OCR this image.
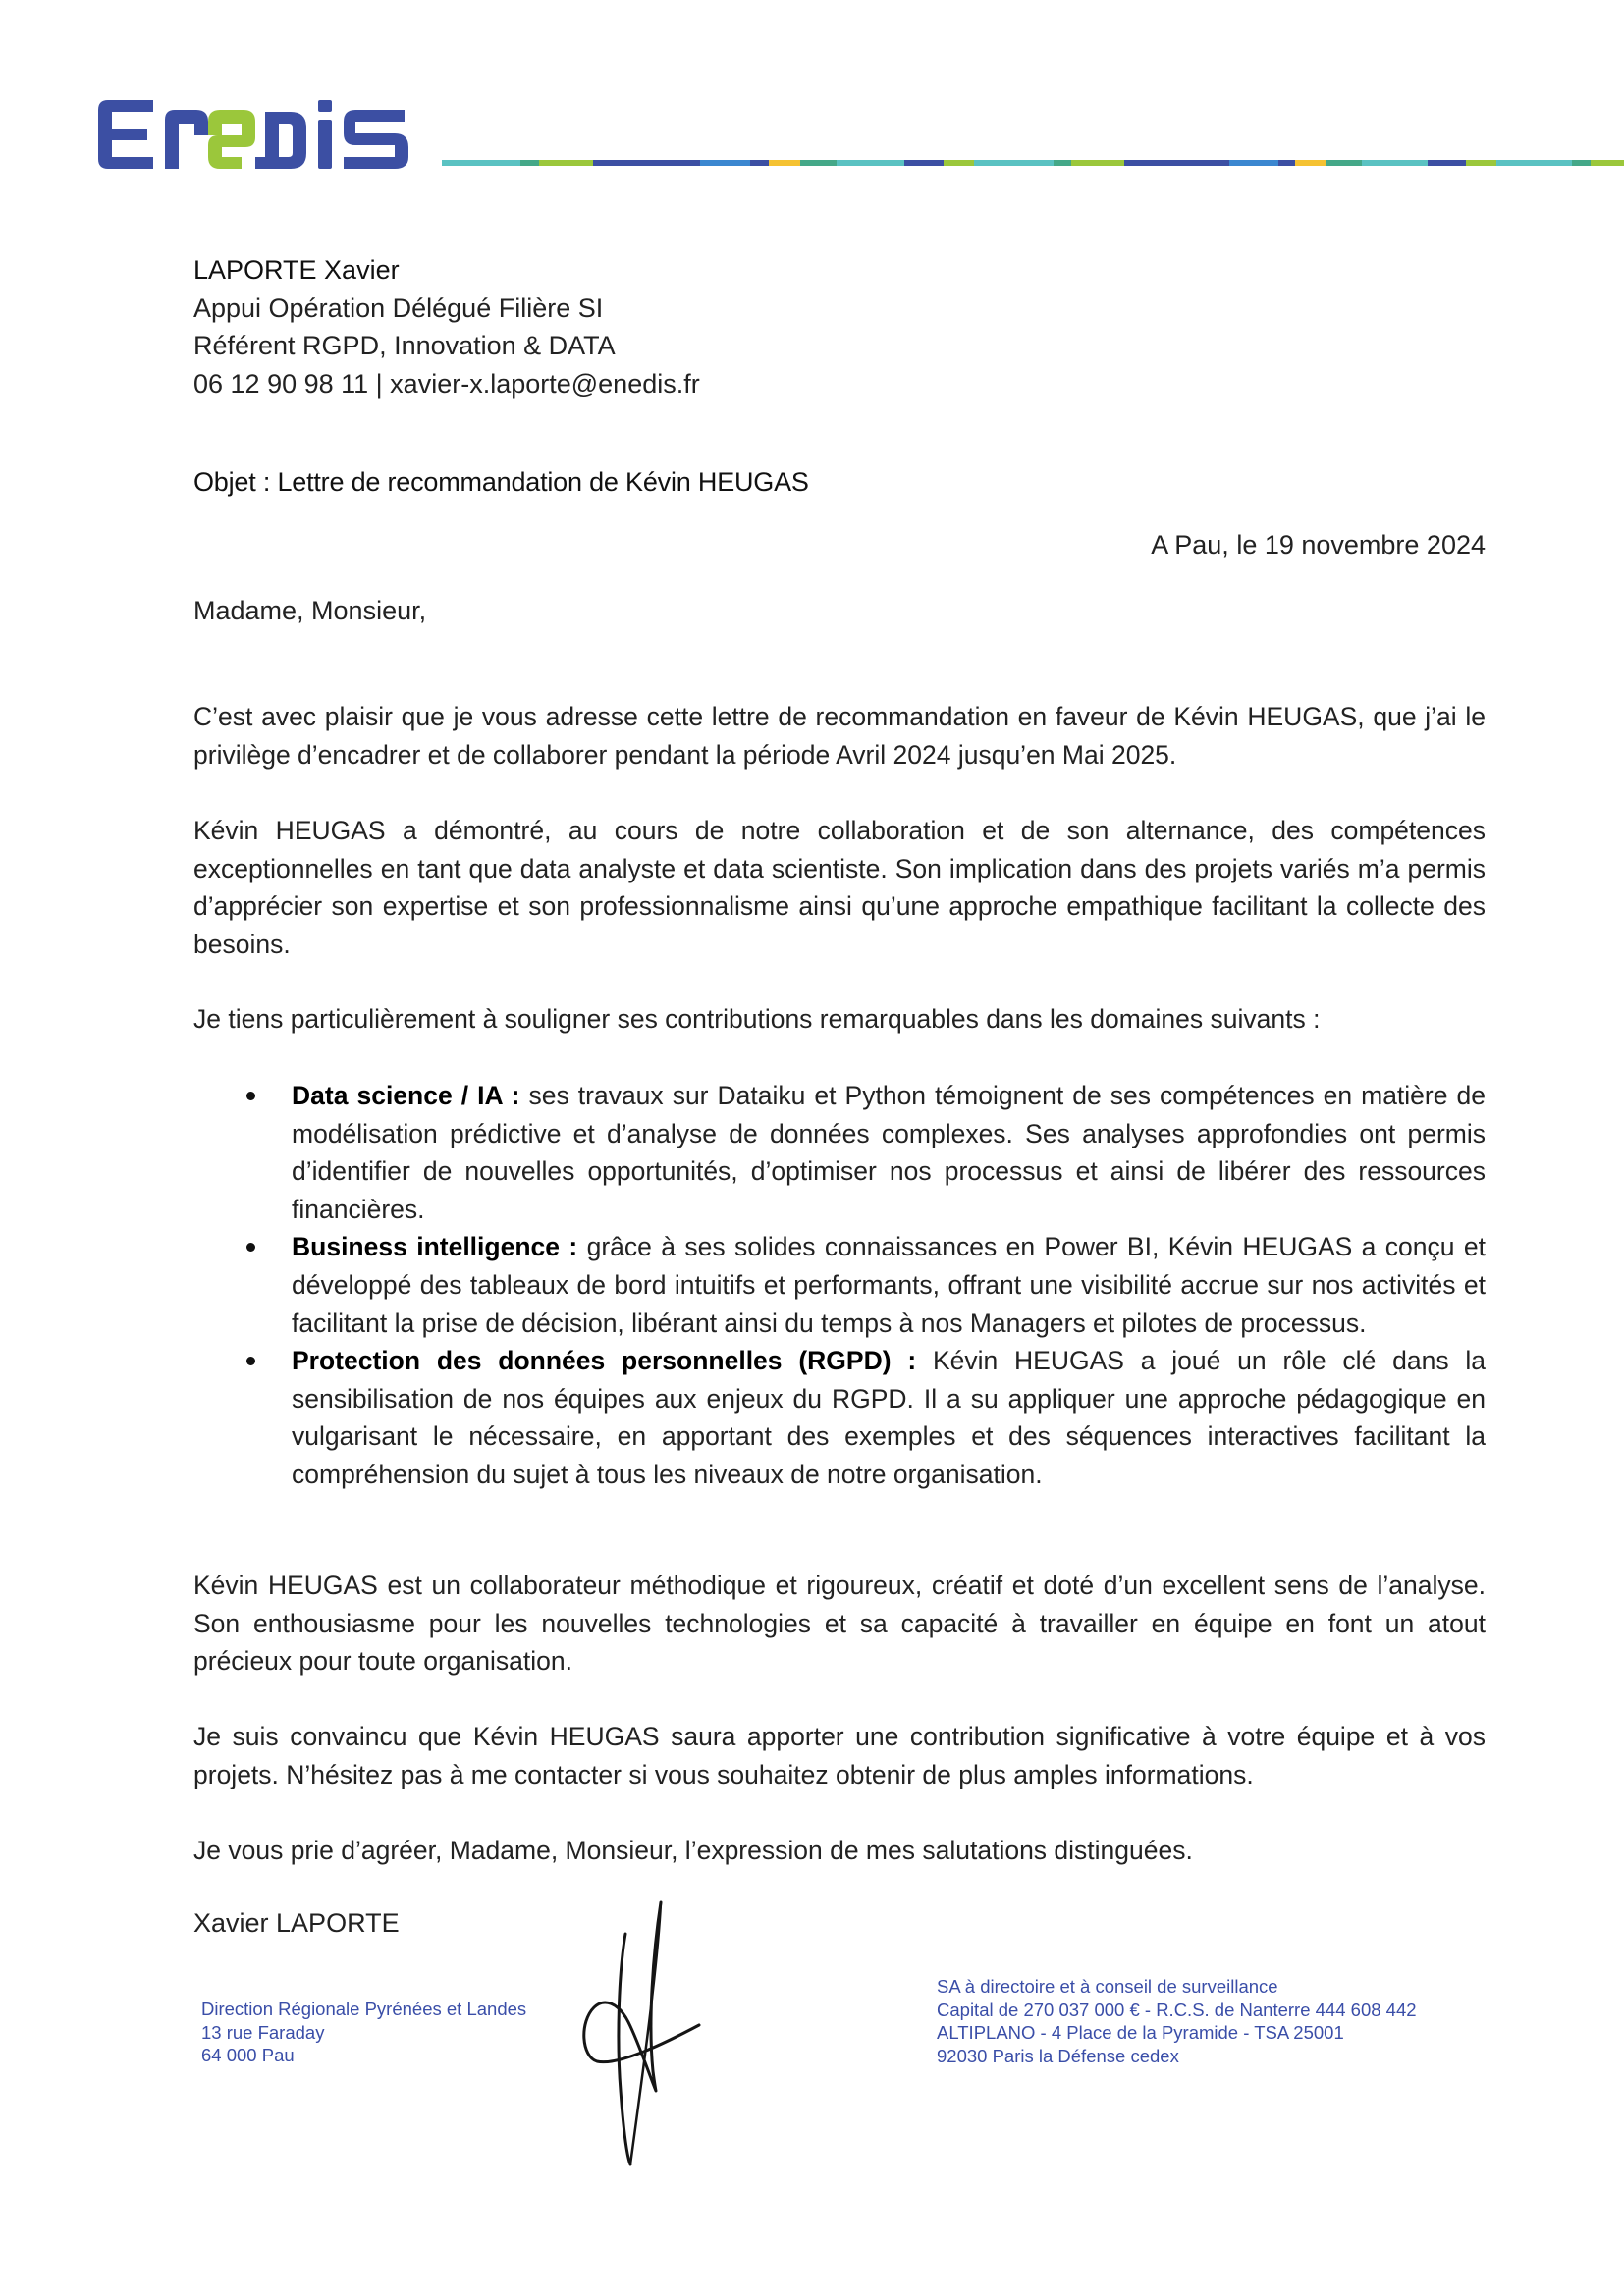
LAPORTE Xavier
Appui Opération Délégué Filière SI
Référent RGPD, Innovation & DATA
06 12 90 98 11 | xavier-x.laporte@enedis.fr
Objet : Lettre de recommandation de Kévin HEUGAS
A Pau, le 19 novembre 2024
Madame, Monsieur,
C’est avec plaisir que je vous adresse cette lettre de recommandation en faveur de Kévin HEUGAS, que j’ai le privilège d’encadrer et de collaborer pendant la période Avril 2024 jusqu’en Mai 2025.
Kévin HEUGAS a démontré, au cours de notre collaboration et de son alternance, des compétences exceptionnelles en tant que data analyste et data scientiste. Son implication dans des projets variés m’a permis d’apprécier son expertise et son professionnalisme ainsi qu’une approche empathique facilitant la collecte des besoins.
Je tiens particulièrement à souligner ses contributions remarquables dans les domaines suivants :
Data science / IA : ses travaux sur Dataiku et Python témoignent de ses compétences en matière de modélisation prédictive et d’analyse de données complexes. Ses analyses approfondies ont permis d’identifier de nouvelles opportunités, d’optimiser nos processus et ainsi de libérer des ressources financières.
Business intelligence : grâce à ses solides connaissances en Power BI, Kévin HEUGAS a conçu et développé des tableaux de bord intuitifs et performants, offrant une visibilité accrue sur nos activités et facilitant la prise de décision, libérant ainsi du temps à nos Managers et pilotes de processus.
Protection des données personnelles (RGPD) : Kévin HEUGAS a joué un rôle clé dans la sensibilisation de nos équipes aux enjeux du RGPD. Il a su appliquer une approche pédagogique en vulgarisant le nécessaire, en apportant des exemples et des séquences interactives facilitant la compréhension du sujet à tous les niveaux de notre organisation.
Kévin HEUGAS est un collaborateur méthodique et rigoureux, créatif et doté d’un excellent sens de l’analyse. Son enthousiasme pour les nouvelles technologies et sa capacité à travailler en équipe en font un atout précieux pour toute organisation.
Je suis convaincu que Kévin HEUGAS saura apporter une contribution significative à votre équipe et à vos projets. N’hésitez pas à me contacter si vous souhaitez obtenir de plus amples informations.
Je vous prie d’agréer, Madame, Monsieur, l’expression de mes salutations distinguées.
Xavier LAPORTE
Direction Régionale Pyrénées et Landes
13 rue Faraday
64 000 Pau
SA à directoire et à conseil de surveillance
Capital de 270 037 000 € - R.C.S. de Nanterre 444 608 442
ALTIPLANO - 4 Place de la Pyramide - TSA 25001
92030 Paris la Défense cedex
